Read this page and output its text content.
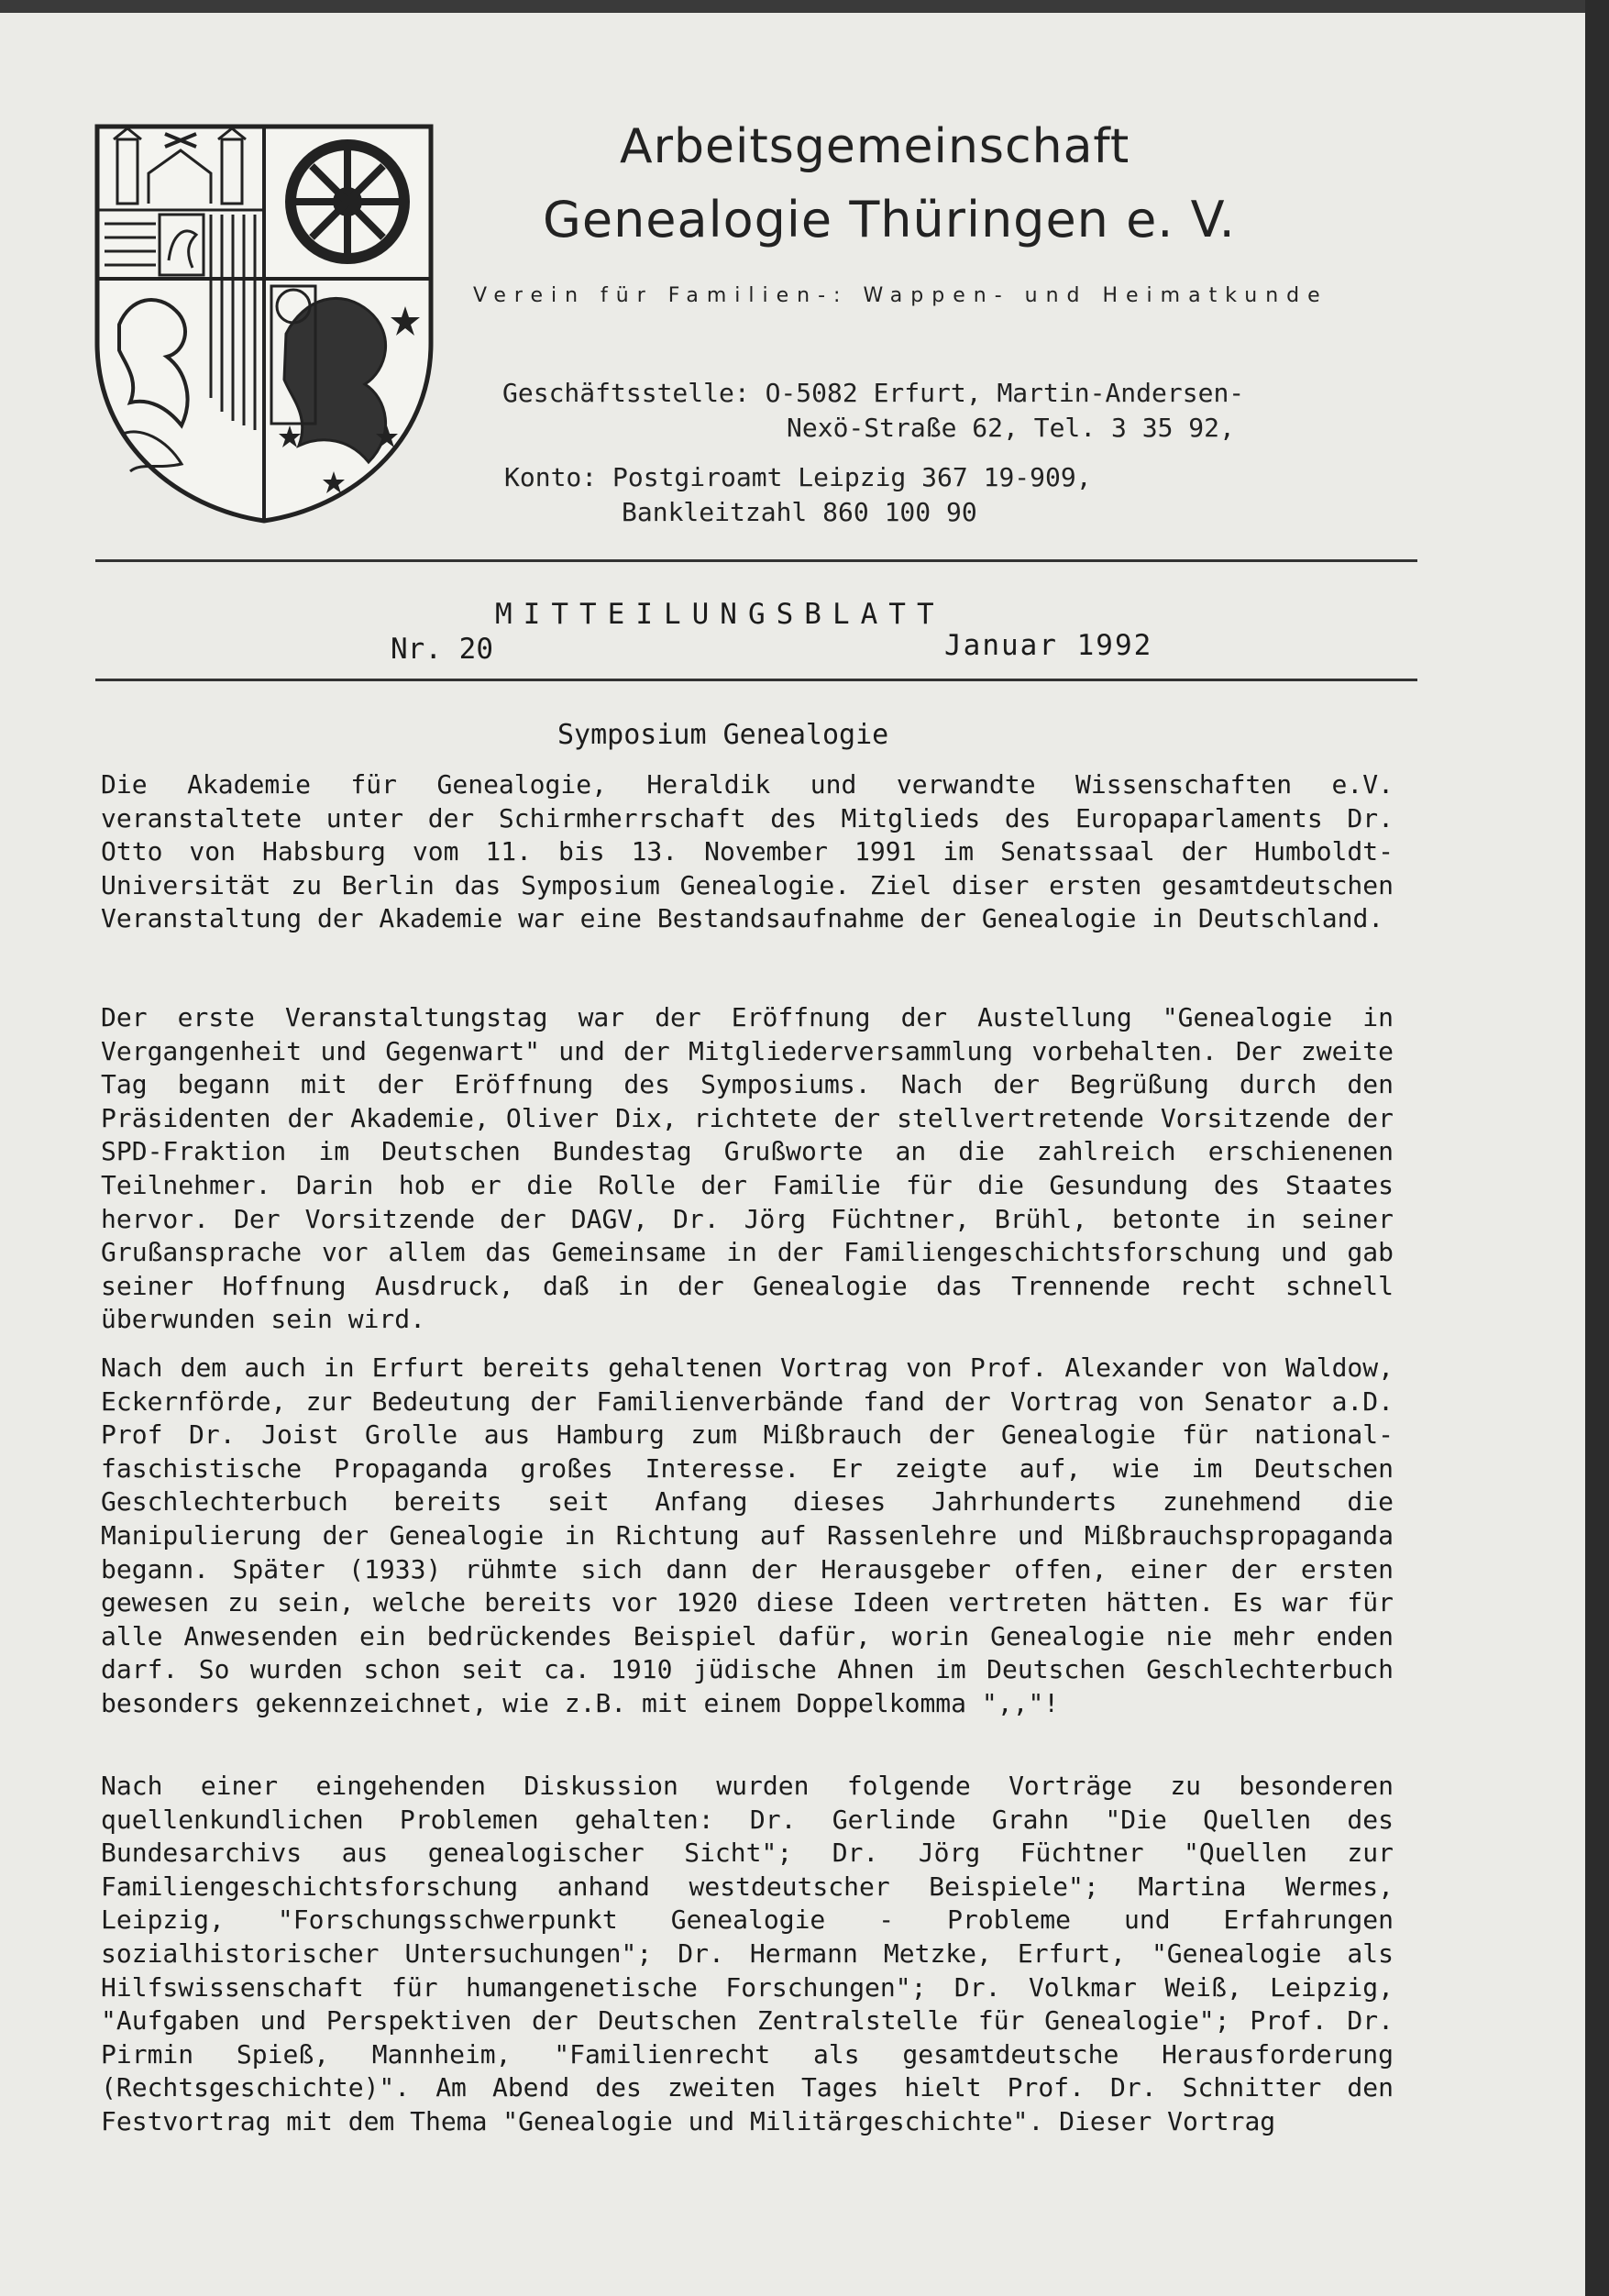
Arbeitsgemeinschaft
Genealogie Thüringen e. V.
Verein für Familien-: Wappen- und Heimatkunde
Geschäftsstelle: O-5082 Erfurt, Martin-Andersen-
Nexö-Straße 62, Tel. 3 35 92,
Konto: Postgiroamt Leipzig 367 19-909,
Bankleitzahl 860 100 90
MITTEILUNGSBLATT
Nr. 20	Januar 1992
Symposium Genealogie

Die Akademie für Genealogie, Heraldik und verwandte Wissenschaften e.V. veranstaltete unter der Schirmherrschaft des Mitglieds des Europaparlaments Dr. Otto von Habsburg vom 11. bis 13. November 1991 im Senatssaal der Humboldt-Universität zu Berlin das Symposium Genealogie. Ziel diser ersten gesamtdeutschen Veranstaltung der Akademie war eine Bestandsaufnahme der Genealogie in Deutschland.

Der erste Veranstaltungstag war der Eröffnung der Austellung "Genealogie in Vergangenheit und Gegenwart" und der Mitgliederversammlung vorbehalten. Der zweite Tag begann mit der Eröffnung des Symposiums. Nach der Begrüßung durch den Präsidenten der Akademie, Oliver Dix, richtete der stellvertretende Vorsitzende der SPD-Fraktion im Deutschen Bundestag Grußworte an die zahlreich erschienenen Teilnehmer. Darin hob er die Rolle der Familie für die Gesundung des Staates hervor. Der Vorsitzende der DAGV, Dr. Jörg Füchtner, Brühl, betonte in seiner Grußansprache vor allem das Gemeinsame in der Familiengeschichtsforschung und gab seiner Hoffnung Ausdruck, daß in der Genealogie das Trennende recht schnell überwunden sein wird.

Nach dem auch in Erfurt bereits gehaltenen Vortrag von Prof. Alexander von Waldow, Eckernförde, zur Bedeutung der Familienverbände fand der Vortrag von Senator a.D. Prof Dr. Joist Grolle aus Hamburg zum Mißbrauch der Genealogie für national-faschistische Propaganda großes Interesse. Er zeigte auf, wie im Deutschen Geschlechterbuch bereits seit Anfang dieses Jahrhunderts zunehmend die Manipulierung der Genealogie in Richtung auf Rassenlehre und Mißbrauchspropaganda begann. Später (1933) rühmte sich dann der Herausgeber offen, einer der ersten gewesen zu sein, welche bereits vor 1920 diese Ideen vertreten hätten. Es war für alle Anwesenden ein bedrückendes Beispiel dafür, worin Genealogie nie mehr enden darf. So wurden schon seit ca. 1910 jüdische Ahnen im Deutschen Geschlechterbuch besonders gekennzeichnet, wie z.B. mit einem Doppelkomma ",,"!

Nach einer eingehenden Diskussion wurden folgende Vorträge zu besonderen quellenkundlichen Problemen gehalten: Dr. Gerlinde Grahn "Die Quellen des Bundesarchivs aus genealogischer Sicht"; Dr. Jörg Füchtner "Quellen zur Familiengeschichtsforschung anhand westdeutscher Beispiele"; Martina Wermes, Leipzig, "Forschungsschwerpunkt Genealogie - Probleme und Erfahrungen sozialhistorischer Untersuchungen"; Dr. Hermann Metzke, Erfurt, "Genealogie als Hilfswissenschaft für humangenetische Forschungen"; Dr. Volkmar Weiß, Leipzig, "Aufgaben und Perspektiven der Deutschen Zentralstelle für Genealogie"; Prof. Dr. Pirmin Spieß, Mannheim, "Familienrecht als gesamtdeutsche Herausforderung (Rechtsgeschichte)". Am Abend des zweiten Tages hielt Prof. Dr. Schnitter den Festvortrag mit dem Thema "Genealogie und Militärgeschichte". Dieser Vortrag
